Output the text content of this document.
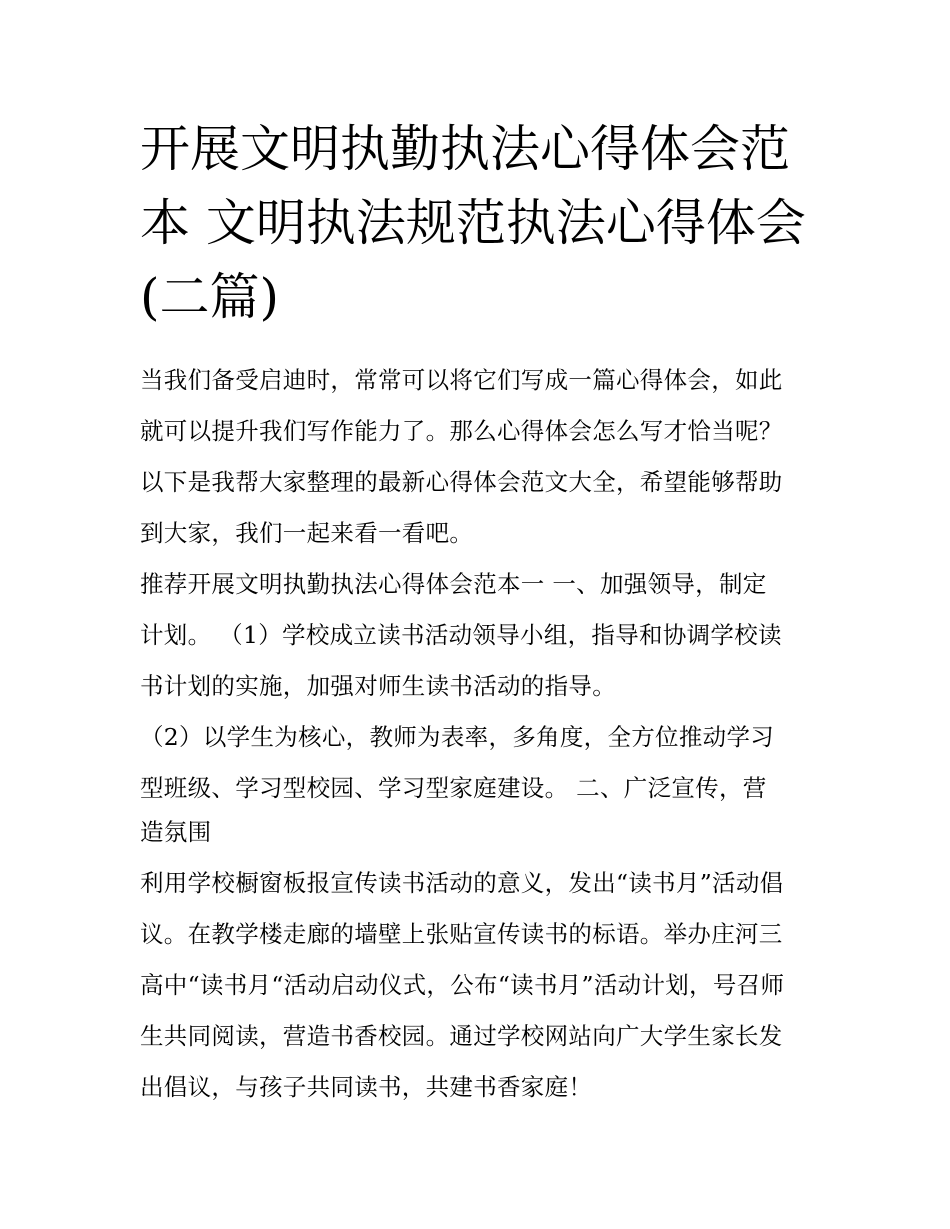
开展文明执勤执法心得体会范
本 文明执法规范执法心得体会
(二篇)
当我们备受启迪时，常常可以将它们写成一篇心得体会，如此
就可以提升我们写作能力了。那么心得体会怎么写才恰当呢？
以下是我帮大家整理的最新心得体会范文大全，希望能够帮助
到大家，我们一起来看一看吧。
推荐开展文明执勤执法心得体会范本一 一、加强领导，制定
计划。 （1）学校成立读书活动领导小组，指导和协调学校读
书计划的实施，加强对师生读书活动的指导。
（2）以学生为核心，教师为表率，多角度，全方位推动学习
型班级、学习型校园、学习型家庭建设。 二、广泛宣传，营
造氛围
利用学校橱窗板报宣传读书活动的意义，发出“读书月”活动倡
议。在教学楼走廊的墙壁上张贴宣传读书的标语。举办庄河三
高中“读书月“活动启动仪式，公布“读书月”活动计划，号召师
生共同阅读，营造书香校园。通过学校网站向广大学生家长发
出倡议，与孩子共同读书，共建书香家庭！
